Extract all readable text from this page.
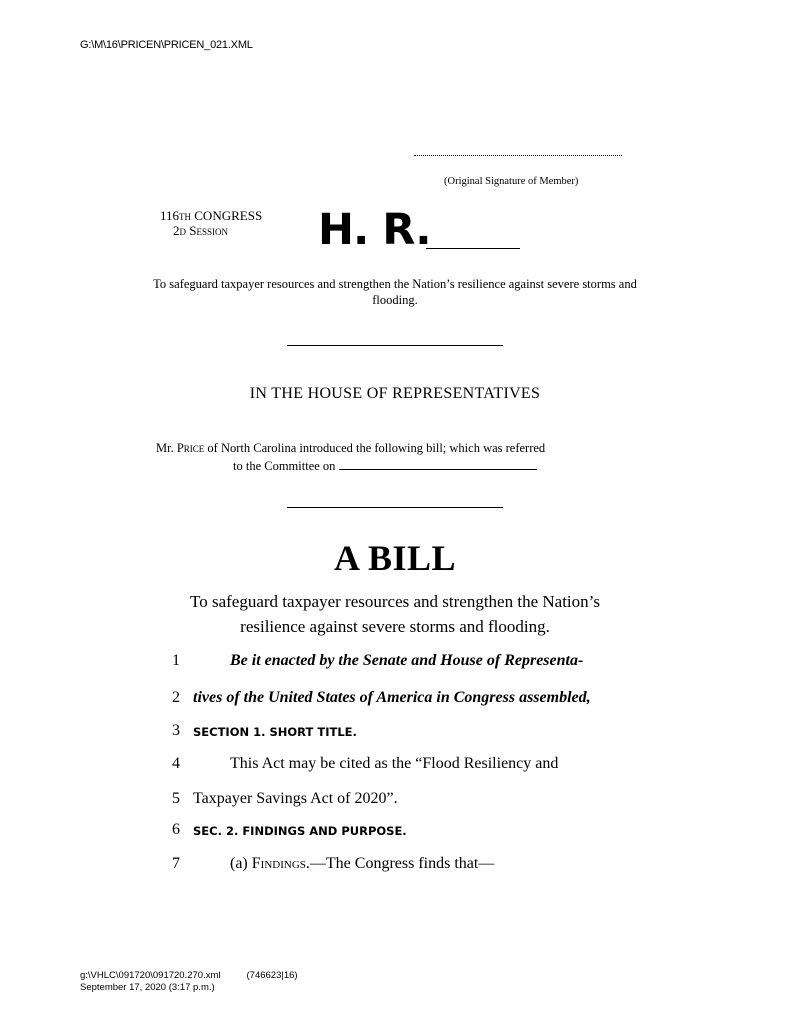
G:\M\16\PRICEN\PRICEN_021.XML
(Original Signature of Member)
116th CONGRESS
2d Session	H. R.
To safeguard taxpayer resources and strengthen the Nation’s resilience against severe storms and flooding.
IN THE HOUSE OF REPRESENTATIVES
Mr. Price of North Carolina introduced the following bill; which was referred
to the Committee on
A BILL
To safeguard taxpayer resources and strengthen the Nation’s
resilience against severe storms and flooding.
1	Be it enacted by the Senate and House of Representa-
2 tives of the United States of America in Congress assembled,
3	SECTION 1. SHORT TITLE.
4	This Act may be cited as the “Flood Resiliency and
5 Taxpayer Savings Act of 2020”.
6	SEC. 2. FINDINGS AND PURPOSE.
7	(a) Findings.—The Congress finds that—
g:\VHLC\091720\091720.270.xml	(746623|16)
September 17, 2020 (3:17 p.m.)
